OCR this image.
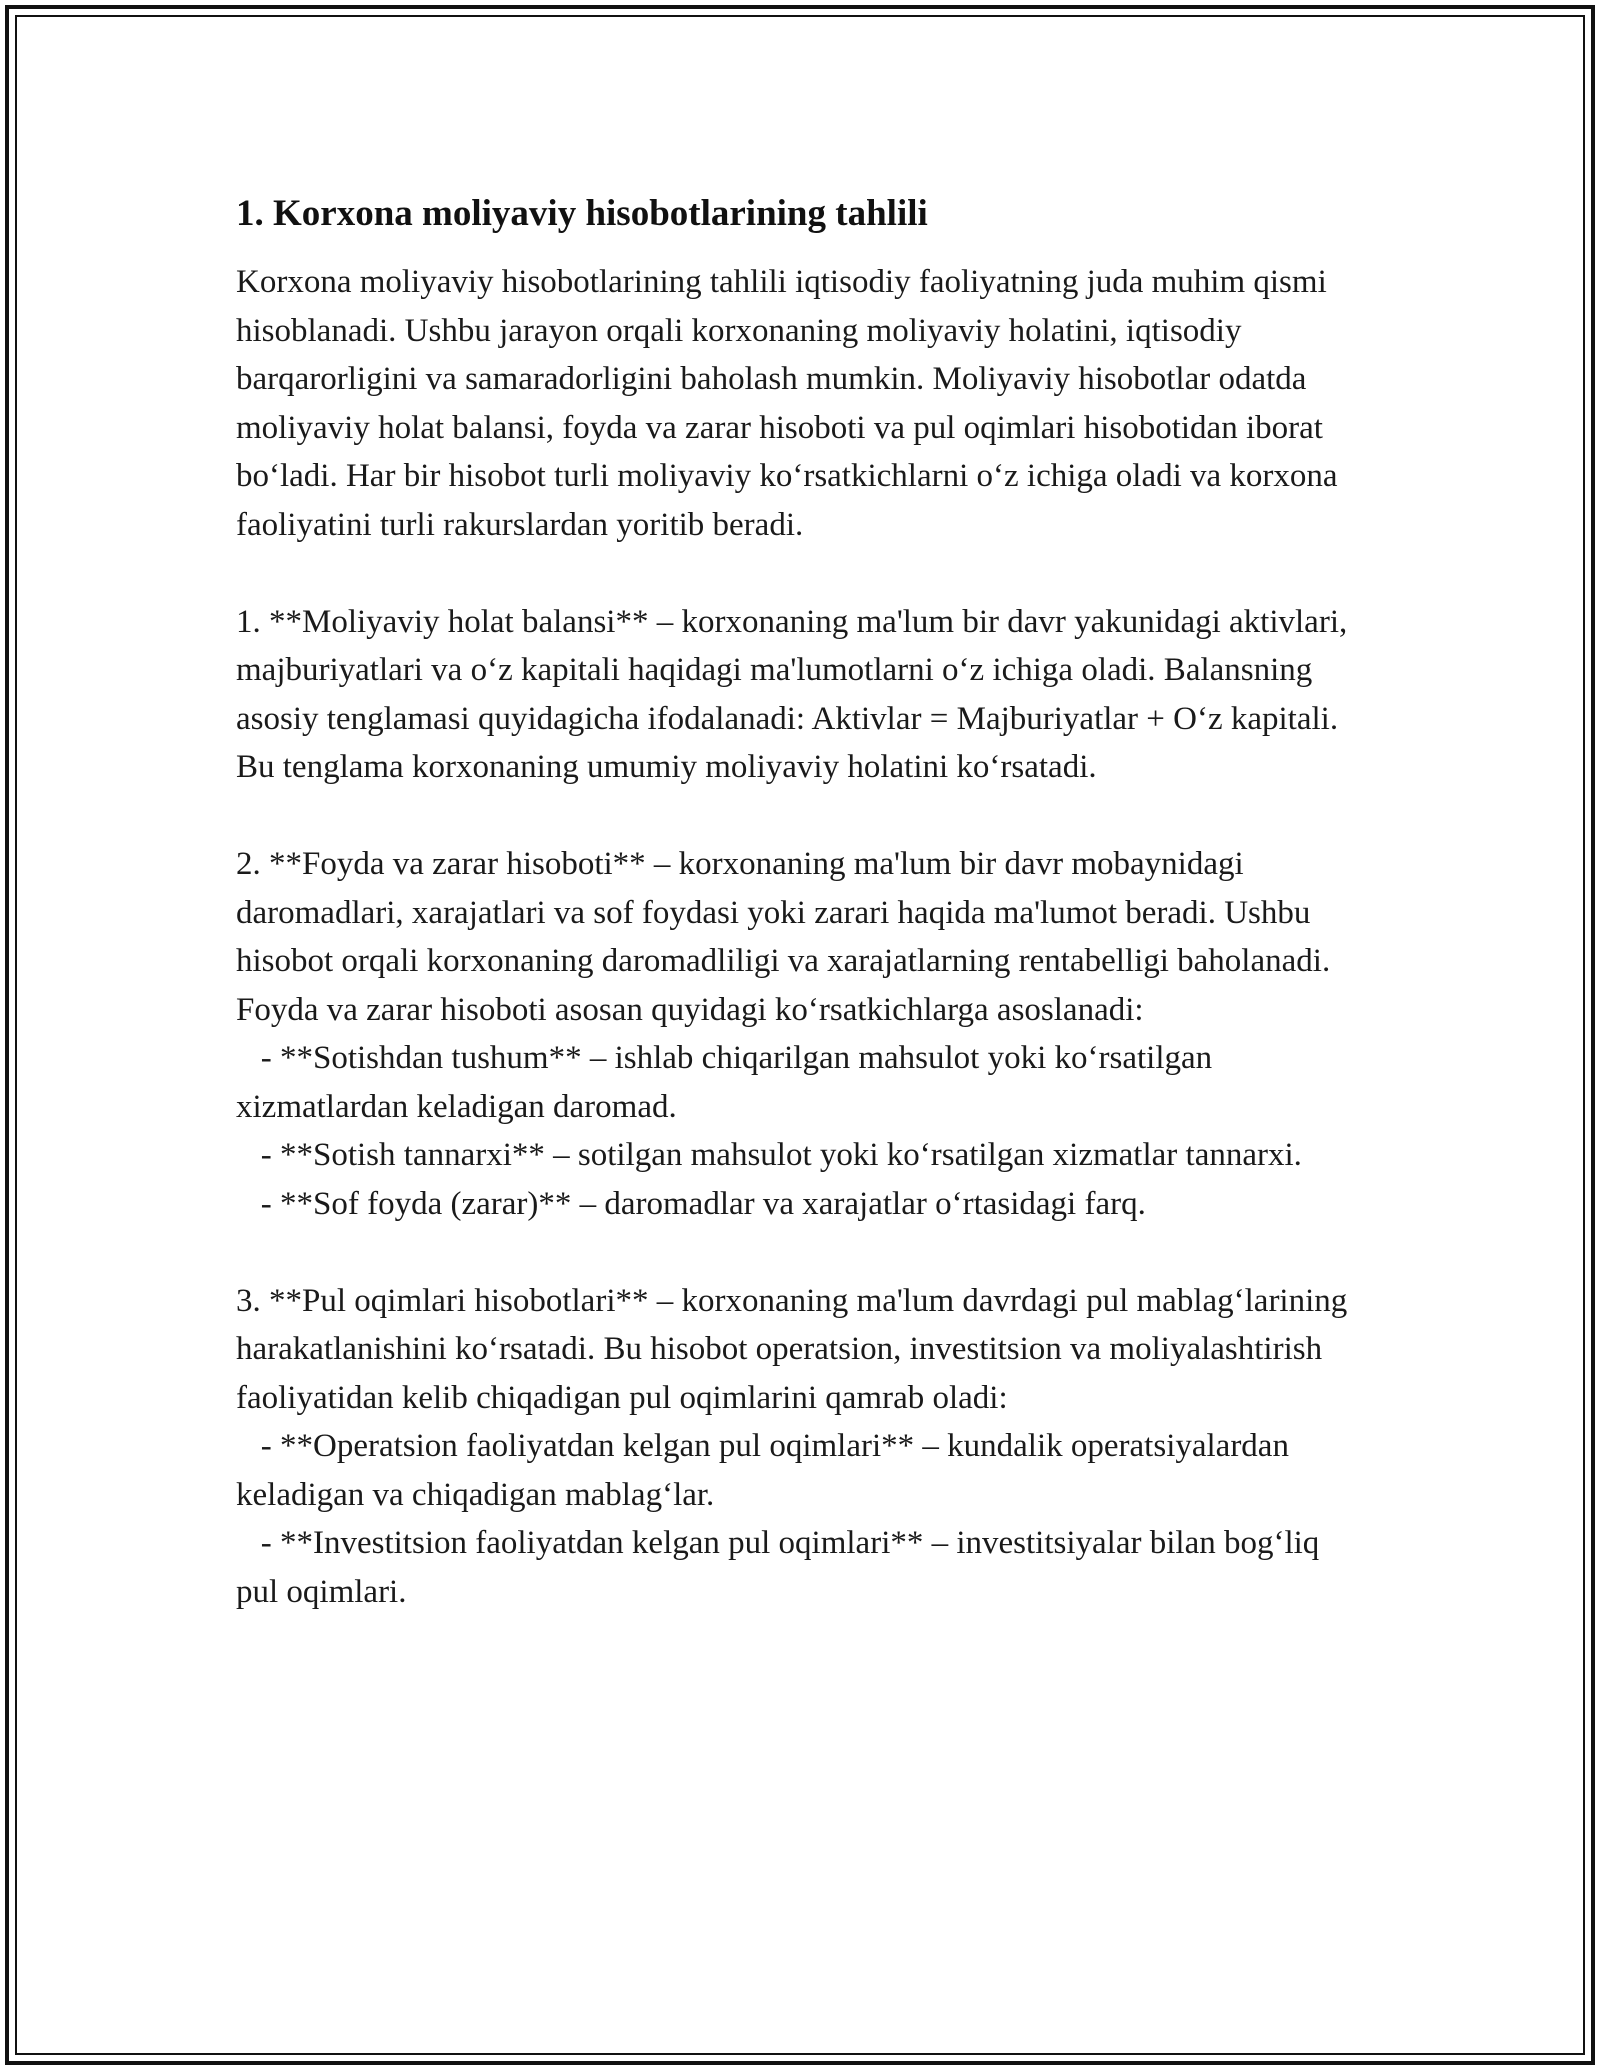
1. Korxona moliyaviy hisobotlarining tahlili

Korxona moliyaviy hisobotlarining tahlili iqtisodiy faoliyatning juda muhim qismi hisoblanadi. Ushbu jarayon orqali korxonaning moliyaviy holatini, iqtisodiy barqarorligini va samaradorligini baholash mumkin. Moliyaviy hisobotlar odatda moliyaviy holat balansi, foyda va zarar hisoboti va pul oqimlari hisobotidan iborat bo‘ladi. Har bir hisobot turli moliyaviy ko‘rsatkichlarni o‘z ichiga oladi va korxona faoliyatini turli rakurslardan yoritib beradi.

1. **Moliyaviy holat balansi** – korxonaning ma'lum bir davr yakunidagi aktivlari, majburiyatlari va o‘z kapitali haqidagi ma'lumotlarni o‘z ichiga oladi. Balansning asosiy tenglamasi quyidagicha ifodalanadi: Aktivlar = Majburiyatlar + O‘z kapitali. Bu tenglama korxonaning umumiy moliyaviy holatini ko‘rsatadi.

2. **Foyda va zarar hisoboti** – korxonaning ma'lum bir davr mobaynidagi daromadlari, xarajatlari va sof foydasi yoki zarari haqida ma'lumot beradi. Ushbu hisobot orqali korxonaning daromadliligi va xarajatlarning rentabelligi baholanadi. Foyda va zarar hisoboti asosan quyidagi ko‘rsatkichlarga asoslanadi:
- **Sotishdan tushum** – ishlab chiqarilgan mahsulot yoki ko‘rsatilgan xizmatlardan keladigan daromad.
- **Sotish tannarxi** – sotilgan mahsulot yoki ko‘rsatilgan xizmatlar tannarxi.
- **Sof foyda (zarar)** – daromadlar va xarajatlar o‘rtasidagi farq.

3. **Pul oqimlari hisobotlari** – korxonaning ma'lum davrdagi pul mablag‘larining harakatlanishini ko‘rsatadi. Bu hisobot operatsion, investitsion va moliyalashtirish faoliyatidan kelib chiqadigan pul oqimlarini qamrab oladi:
- **Operatsion faoliyatdan kelgan pul oqimlari** – kundalik operatsiyalardan keladigan va chiqadigan mablag‘lar.
- **Investitsion faoliyatdan kelgan pul oqimlari** – investitsiyalar bilan bog‘liq pul oqimlari.
